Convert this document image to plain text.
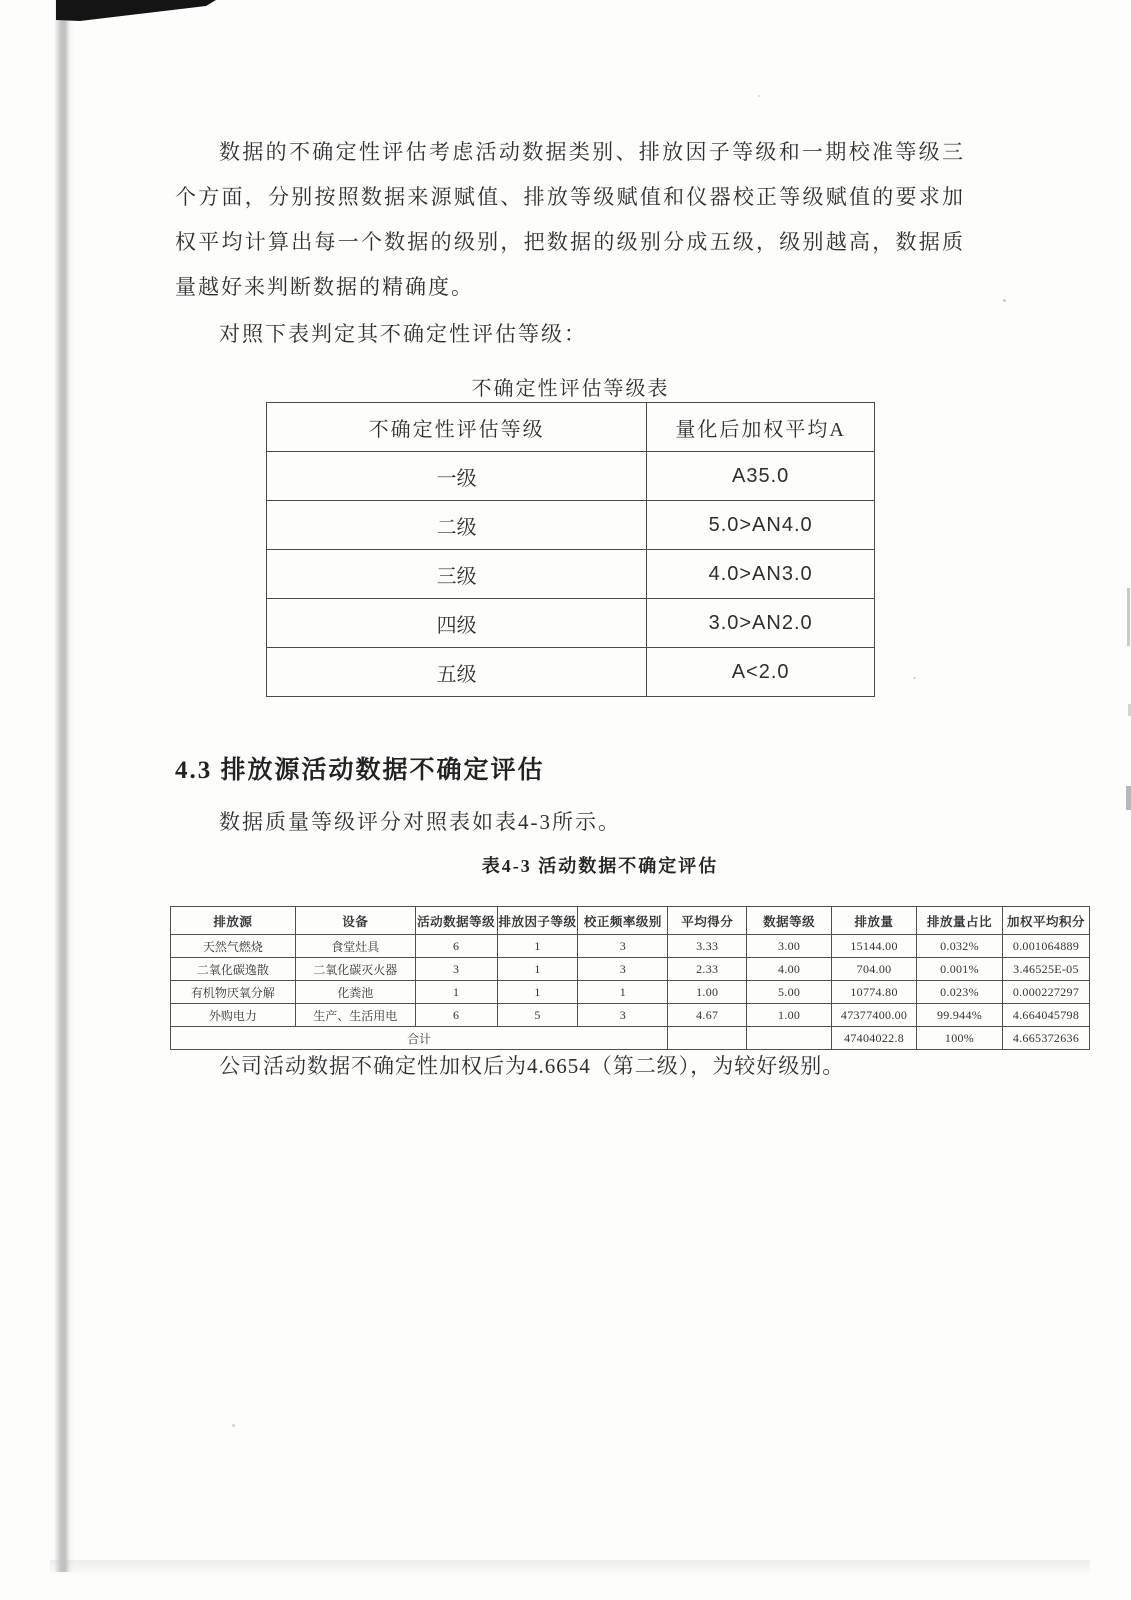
数据的不确定性评估考虑活动数据类别、排放因子等级和一期校准等级三个方面，分别按照数据来源赋值、排放等级赋值和仪器校正等级赋值的要求加权平均计算出每一个数据的级别，把数据的级别分成五级，级别越高，数据质量越好来判断数据的精确度。
对照下表判定其不确定性评估等级：
不确定性评估等级表
不确定性评估等级	量化后加权平均A
一级	A35.0
二级	5.0>AN4.0
三级	4.0>AN3.0
四级	3.0>AN2.0
五级	A<2.0
4.3 排放源活动数据不确定评估
数据质量等级评分对照表如表4-3所示。
表4-3 活动数据不确定评估
排放源	设备	活动数据等级	排放因子等级	校正频率级别	平均得分	数据等级	排放量	排放量占比	加权平均积分
天然气燃烧	食堂灶具	6	1	3	3.33	3.00	15144.00	0.032%	0.001064889
二氧化碳逸散	二氧化碳灭火器	3	1	3	2.33	4.00	704.00	0.001%	3.46525E-05
有机物厌氧分解	化粪池	1	1	1	1.00	5.00	10774.80	0.023%	0.000227297
外购电力	生产、生活用电	6	5	3	4.67	1.00	47377400.00	99.944%	4.664045798
合计							47404022.8	100%	4.665372636
公司活动数据不确定性加权后为4.6654（第二级），为较好级别。
